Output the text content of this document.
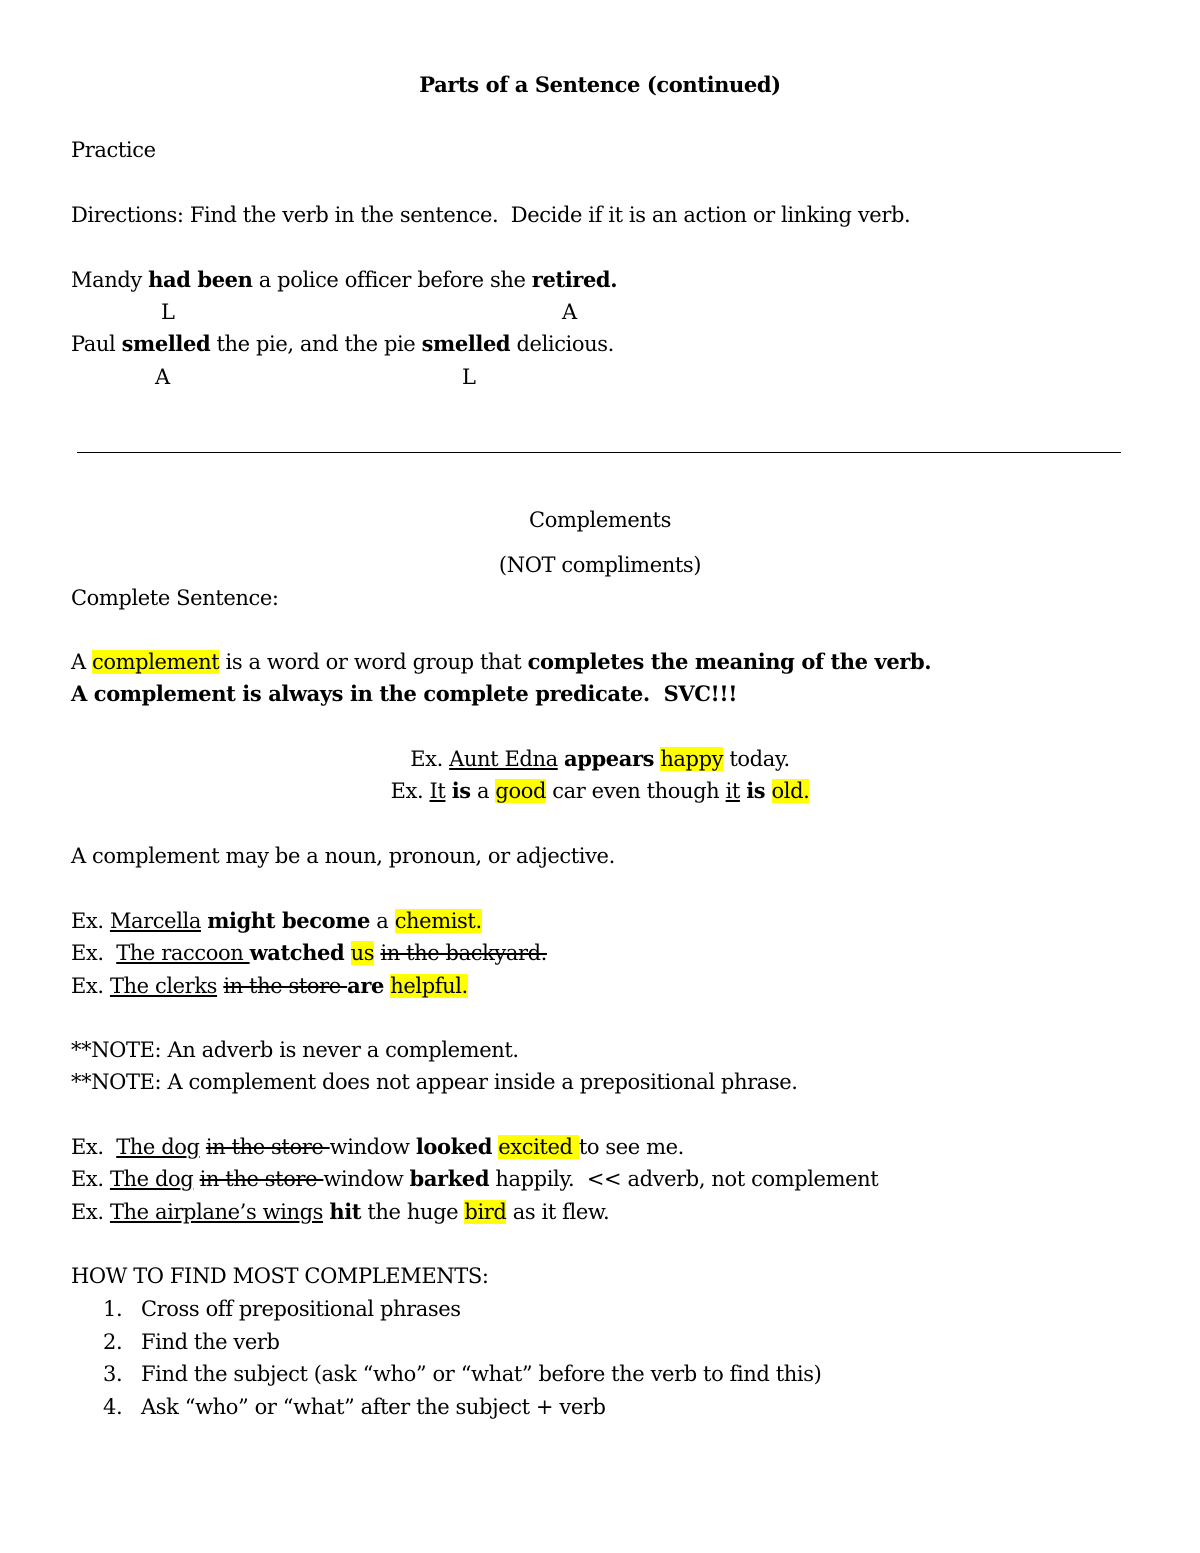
Parts of a Sentence (continued)
Practice
Directions: Find the verb in the sentence.  Decide if it is an action or linking verb.
Mandy had been a police officer before she retired.
L	A
Paul smelled the pie, and the pie smelled delicious.
A	L
Complements
(NOT compliments)
Complete Sentence:
A complement is a word or word group that completes the meaning of the verb.
A complement is always in the complete predicate.  SVC!!!
Ex. Aunt Edna appears happy today.
Ex. It is a good car even though it is old.
A complement may be a noun, pronoun, or adjective.
Ex. Marcella might become a chemist.
Ex.  The raccoon watched us in the backyard.
Ex. The clerks in the store are helpful.
**NOTE: An adverb is never a complement.
**NOTE: A complement does not appear inside a prepositional phrase.
Ex.  The dog in the store window looked excited to see me.
Ex. The dog in the store window barked happily.  << adverb, not complement
Ex. The airplane’s wings hit the huge bird as it flew.
HOW TO FIND MOST COMPLEMENTS:
1. Cross off prepositional phrases
2. Find the verb
3. Find the subject (ask “who” or “what” before the verb to find this)
4. Ask “who” or “what” after the subject + verb
